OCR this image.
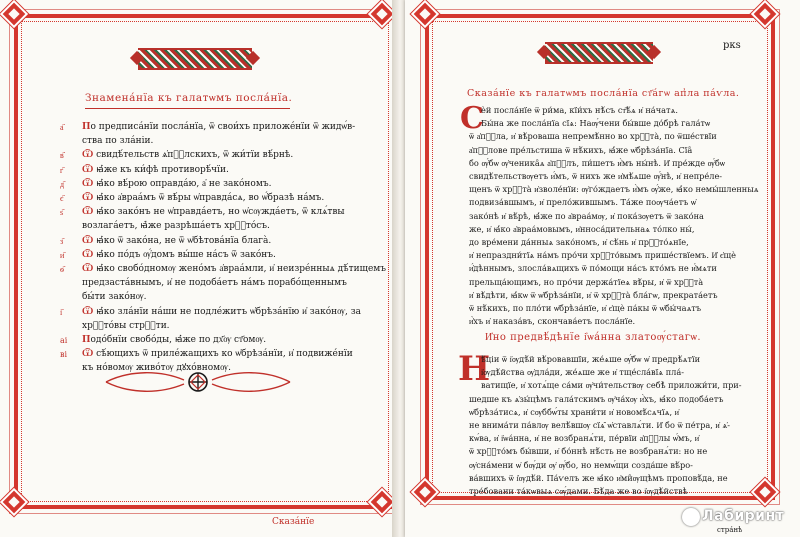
Знамена́нїа къ галатѡмъ посла́нїа.
Сказа́нїе
а҃ По предписа́нїи посла́нїа, ѿ свои́хъ приложе́нїи ѿ жидѡ́в-
ства по зла́ніи.
в҃ Ѿ свидѣ́тельств ѧ҆пⷭ҇лскихъ, ѿ жи́тїи вѣ́рнѣ.
г҃ Ѿ ꙗ҆́же къ ки́фѣ противорѣ́чїи.
д҃ Ѿ ꙗ҆́ко вѣ́рою оправда́ю, а҆ не зако́номъ.
є҃ Ѿ ꙗ҆́ко а҆враа́мъ ѿ вѣ́ры ѡ҆правда́сѧ, во ѡ҆́бразѣ на́мъ.
ѕ҃ Ѿ ꙗ҆́ко зако́нъ не ѡ҆правда́етъ, но ѡ҆сѹжда́етъ, ѿ клѧ́твы
возлага́етъ, ꙗ҆̀же разрѣша́етъ хрⷭ҇то́съ.
з҃ Ѿ ꙗ҆́ко ѿ зако́на, не ѿ ѡ҆бѣтова́нїа блага̀.
и҃ Ѿ ꙗ҆́ко по́дъ ѹ҆́домъ вы́ше на́съ ѿ зако́нъ.
ѳ҃ Ѿ ꙗ҆́ко свобо́дномѹ жено́мъ а҆враа́мли, и҆ неизре́нныѧ дѣ́тищемъ
предзаста́внымъ, и҆ не подоба́етъ на́мъ порабо́щеннымъ
бы́ти зако́нѹ.
і҃ Ѿ ꙗ҆́ко зла́нїи на́ши не подле́житъ ѡ҆брѣза́нїю и҆ зако́нѹ, за
хрⷭ҇то́вы стрⷭ҇ти.
аі Подо́бнїи свобо́ды, ꙗ҆́же по дх҃ѹ ст҃омѹ.
ві Ѿ сѣ́ющихъ ѿ приле́жащихъ ко ѡ҆брѣза́нїи, и҆ подвиже́нїи
къ но́вомѹ живо́тѹ дꙋхо́вномѹ.
ркѕ
Сказа́нїе къ галатѡмъ посла́нїа ст҃а́гѡ ап̾ла па́ѵла.
С
ѐй посла́нїе ѿ ри́ма, кїи́хъ нѣ́съ ст҃ѣ́ѧ и҆ на́чатѧ.
Бы́на же посла́нїа сїѧ: Наѹ́чени бы́вше до́брѣ гала́тѡ
ѿ а҆пⷭ҇ла, и҆ вѣ́роваша непремѣ́нно во хрⷭ҇та̀, по ѿше́ствїи
а҆пⷭ҇лове пре́льстиша ѿ нѣ́кихъ, ꙗ҆́же ѡ҆брѣза́нїа. Сїа̑
бо ѹ҆́бѡ ѹ҆ченика̑ѧ а҆пⷭ҇лъ, пи́шетъ и҆̀мъ ны́нѣ. И҆ пре́жде ѹ҆́бѡ
свидѣ́тельствѹетъ и҆́мъ, ѿ нихъ же и҆мѣ́ѧше ѹ҆́нѣ, и҆ непре́ле-
щенъ ѿ хрⷭ҇та̀ и҆зволе́нїи: ѹ҆го́ждаетъ и҆̀мъ ѹ҆́же, ꙗ҆́ко немы́шленныѧ
подвиза́вшымъ, и҆ прело́жившымъ. Та́же поѹча́етъ ѡ҆
зако́нѣ и҆ вѣ́рѣ, ꙗ҆́же по а҆враа́мѹ, и҆ пока́зѹетъ ѿ зако́на
же, и҆ ꙗ҆́ко а҆враа́мовымъ, и҆нноса́дительнаѧ то́лко ны́,
до вре́мени да́нныѧ зако́номъ, и҆ сѣ́нь и҆ прⷭ҇то́ѧнїе,
и҆ непраздни́тїѧ на́мъ про́чи хрⷭ҇то́вымъ прише́ствїемъ. И҆ є҆щѐ
и҆́дѣннымъ, злосла́вѧщихъ ѿ по́мощи на́съ кто́мъ не и҆́мѧти
прельща́ющимъ, но про́чи держа́тїеѧ вѣ́ры, и҆ ѿ хрⷭ҇та̀
и҆ вѣ́дѣти, ꙗ҆́кѡ ѿ ѡ҆брѣза́нїи, и҆ ѿ хрⷭ҇та̀ бла́гѡ, прекрата́етъ
ѿ нѣ́кихъ, по пло́ти ѡ҆брѣза́нїе, и҆ є҆щѐ па́кы ѿ ѡ҆бы́чаѧтъ
и҆̀хъ и҆ наказа́въ, скончава́етъ посла́нїе.
И҆но предвѣ́дѣнїе і҆ѡа́нна златоѹ́стагѡ.
Н
ѣ́ціи ѿ і҆ѹдѣ́й вѣ́ровавшїи, же́ѧше ѹ҆́бѡ ѡ҆ предрѣ́ѧтїи
і҆ѹдѣ́йства ѹ҆дла́ди, же́ѧше же и҆ тще́сла́вїѧ пла́-
ватищїе, и҆ хотѧ́ще са́ми ѹ҆чи́тельствѹ себѣ̀ приложи́ти, при-
шедше къ ѧ҆зы́цѣмъ гала́тскимъ ѹ҆ча́хѹ и҆̀хъ, ꙗ҆́ко подоба́етъ
ѡ҆брѣза́тисѧ, и҆ сѹббѡ́ты храни́ти и҆ новомѣ́сѧчїѧ, и҆
не внима́ти па́влѹ велѣ́вшѹ сїѧ̑ ѡ҆ставлѧ́ти. И҆ бо ѿ пе́тра, и҆ ѧ҆-
кѡ́ва, и҆ і҆ѡа́нна, и҆ не возбранѧ́ти, пе́рвїи а҆пⷭ҇лы ѡ҆́мъ, и҆
ѿ хрⷭ҇то́мъ бы́вши, и҆ бо́ннѣ нѣ́сть не возбранѧ́ти: но не
ѹ҆сна́мени ѡ҆ бѹ́ди ѹ҆ ѹ҆́бо, но немѡ́щи созда́ше вѣ́ро-
ва́вшихъ ѿ і҆ѹдѣ́й. Па́ѵелъ же ꙗ҆́ко и҆ми̑ѹщѣмъ проповѣ́да, не
тре́бовани та́кѡвыѧ сѹ́дами. Бѣ́да же во і҆ѹдѣ́йствѣ
стра́нѣ
Лабиринт
